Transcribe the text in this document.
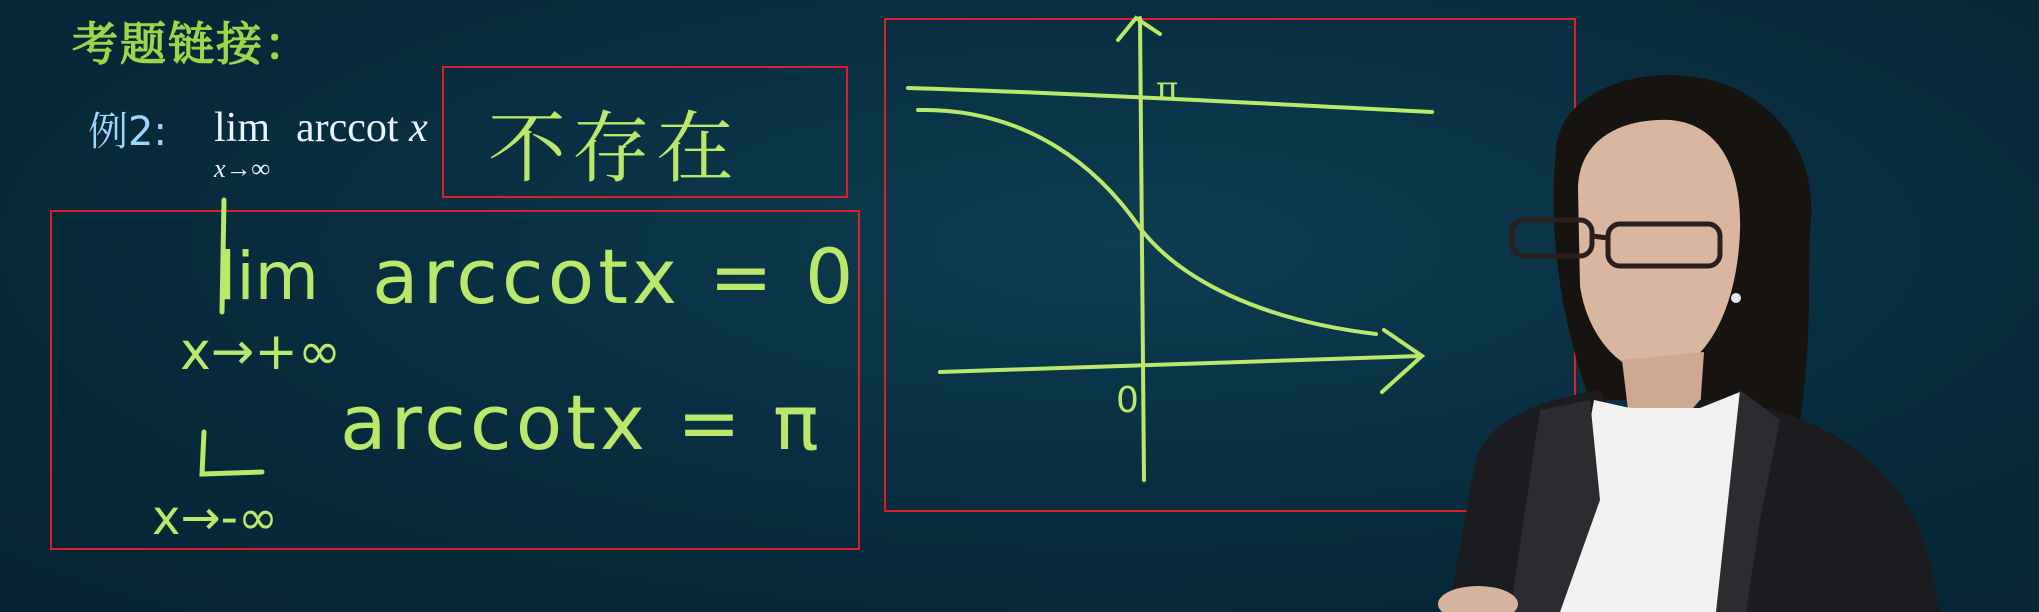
考题链接：
例2: lim
x→∞
arccot x 不存在
lim arccotx = 0
x→+∞
arccotx = π
x→-∞
π
0
